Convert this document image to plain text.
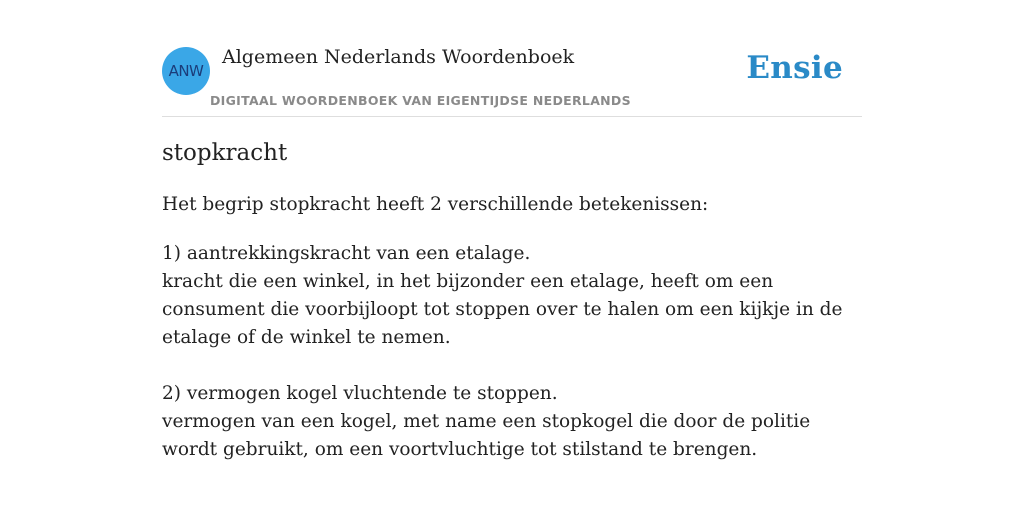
ANW
Algemeen Nederlands Woordenboek
DIGITAAL WOORDENBOEK VAN EIGENTIJDSE NEDERLANDS
Ensie
stopkracht
Het begrip stopkracht heeft 2 verschillende betekenissen:

1) aantrekkingskracht van een etalage.

kracht die een winkel, in het bijzonder een etalage, heeft om een consument die voorbijloopt tot stoppen over te halen om een kijkje in de etalage of de winkel te nemen.

2) vermogen kogel vluchtende te stoppen.

vermogen van een kogel, met name een stopkogel die door de politie wordt gebruikt, om een voortvluchtige tot stilstand te brengen.
